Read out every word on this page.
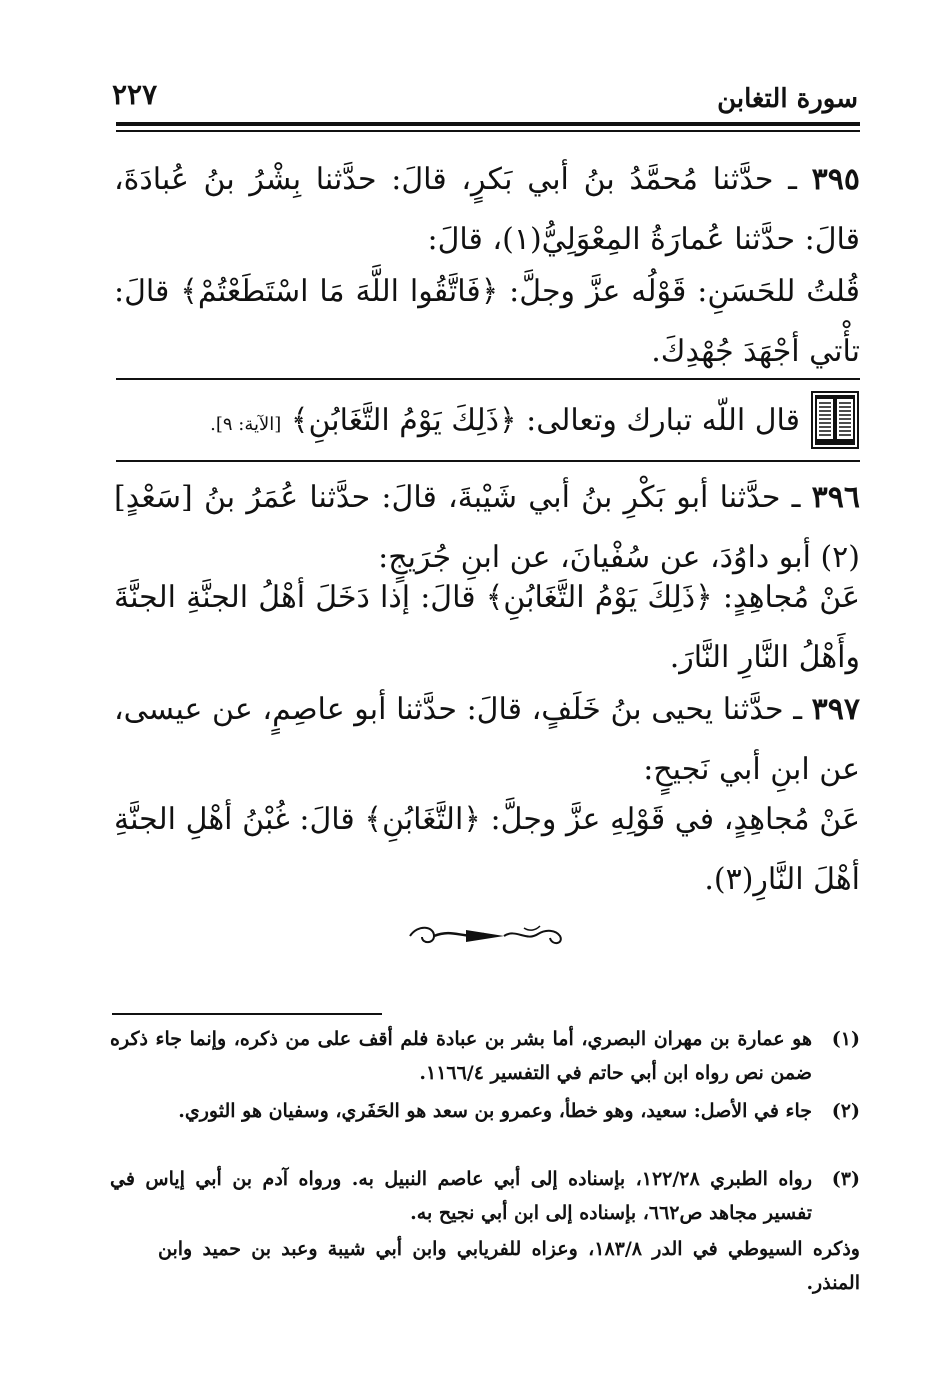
سورة التغابن
٢٢٧
٣٩٥ ـ حدَّثنا مُحمَّدُ بنُ أبي بَكرٍ، قالَ: حدَّثنا بِشْرُ بنُ عُبادَةَ، قالَ: حدَّثنا عُمارَةُ المِعْوَلِيُّ(١)، قالَ:
قُلتُ للحَسَنِ: قَوْلُه عزَّ وجلَّ: ﴿فَاتَّقُوا اللَّهَ مَا اسْتَطَعْتُمْ﴾ قالَ: تأْتي أجْهَدَ جُهْدِكَ.
قال اللّه تبارك وتعالى: ﴿ذَلِكَ يَوْمُ التَّغَابُنِ﴾ [الآية: ٩].
٣٩٦ ـ حدَّثنا أبو بَكْرِ بنُ أبي شَيْبةَ، قالَ: حدَّثنا عُمَرُ بنُ [سَعْدٍ](٢) أبو داوُدَ، عن سُفْيانَ، عن ابنِ جُرَيجٍ:
عَنْ مُجاهِدٍ: ﴿ذَلِكَ يَوْمُ التَّغَابُنِ﴾ قالَ: إذا دَخَلَ أهْلُ الجنَّةِ الجنَّةَ وأَهْلُ النَّارِ النَّارَ.
٣٩٧ ـ حدَّثنا يحيى بنُ خَلَفٍ، قالَ: حدَّثنا أبو عاصِمٍ، عن عيسى، عن ابنِ أبي نَجيحٍ:
عَنْ مُجاهِدٍ، في قَوْلِهِ عزَّ وجلَّ: ﴿التَّغَابُنِ﴾ قالَ: غُبْنُ أهْلِ الجنَّةِ أهْلَ النَّارِ(٣).
(١)
هو عمارة بن مهران البصري، أما بشر بن عبادة فلم أقف على من ذكره، وإنما جاء ذكره ضمن نص رواه ابن أبي حاتم في التفسير ١١٦٦/٤.
(٢)
جاء في الأصل: سعيد، وهو خطأ، وعمرو بن سعد هو الحَفَري، وسفيان هو الثوري.
(٣)
رواه الطبري ١٢٢/٢٨، بإسناده إلى أبي عاصم النبيل به. ورواه آدم بن أبي إياس في تفسير مجاهد ص٦٦٢، بإسناده إلى ابن أبي نجيح به.
وذكره السيوطي في الدر ١٨٣/٨، وعزاه للفريابي وابن أبي شيبة وعبد بن حميد وابن المنذر.
